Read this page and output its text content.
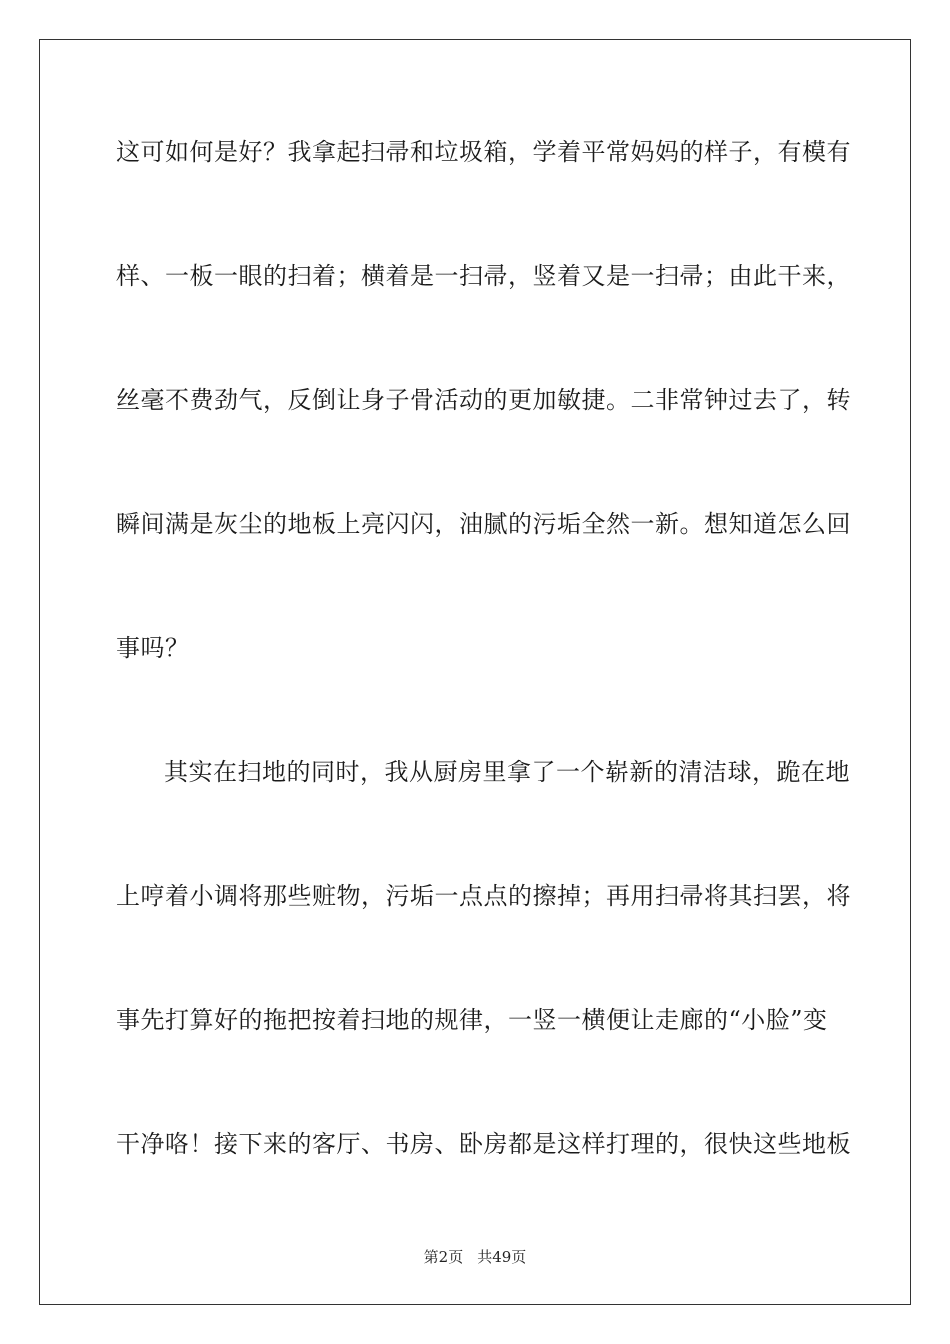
这可如何是好？我拿起扫帚和垃圾箱，学着平常妈妈的样子，有模有
样、一板一眼的扫着；横着是一扫帚，竖着又是一扫帚；由此干来，
丝毫不费劲气，反倒让身子骨活动的更加敏捷。二非常钟过去了，转
瞬间满是灰尘的地板上亮闪闪，油腻的污垢全然一新。想知道怎么回
事吗？
其实在扫地的同时，我从厨房里拿了一个崭新的清洁球，跪在地
上哼着小调将那些赃物，污垢一点点的擦掉；再用扫帚将其扫罢，将
事先打算好的拖把按着扫地的规律，一竖一横便让走廊的“小脸”变
干净咯！接下来的客厅、书房、卧房都是这样打理的，很快这些地板
第2页 共49页
